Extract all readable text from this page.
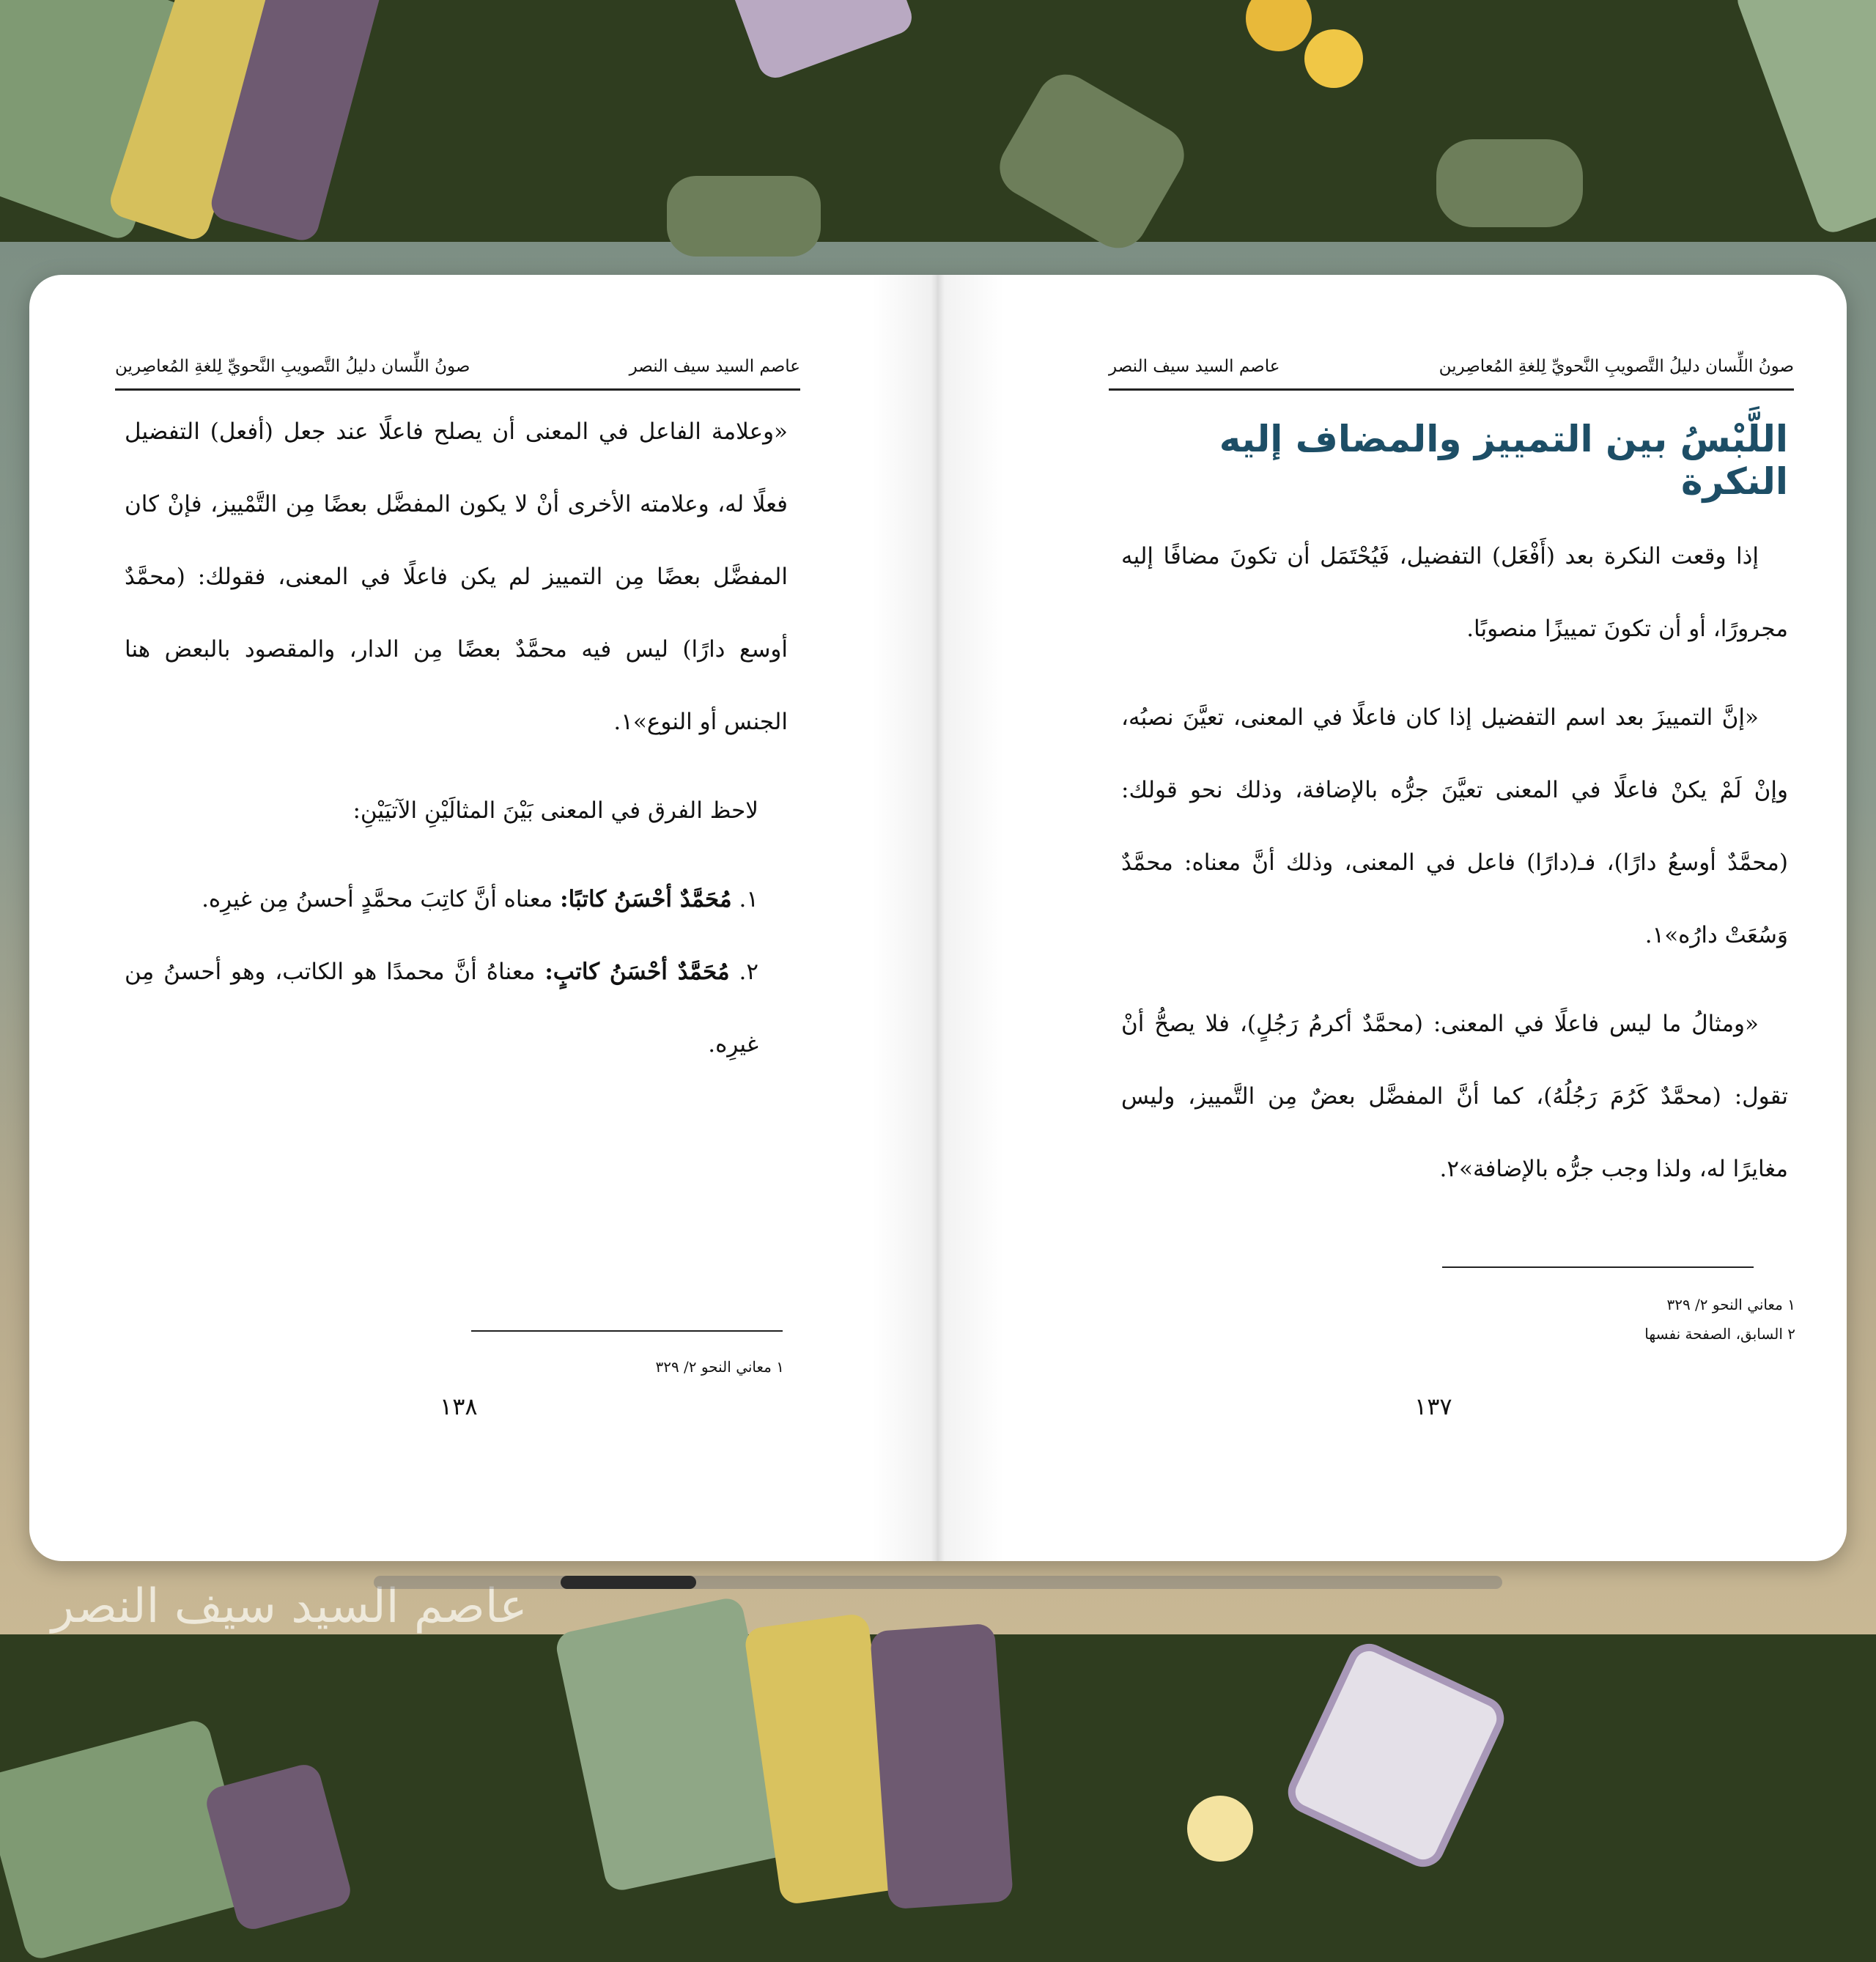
عاصم السيد سيف النصر
عاصم السيد سيف النصر
صونُ اللِّسان دليلُ التَّصويبِ النَّحويِّ لِلغةِ المُعاصِرين

«وعلامة الفاعل في المعنى أن يصلح فاعلًا عند جعل (أفعل) التفضيل فعلًا له، وعلامته الأخرى أنْ لا يكون المفضَّل بعضًا مِن التَّمْييز، فإنْ كان المفضَّل بعضًا مِن التمييز لم يكن فاعلًا في المعنى، فقولك: (محمَّدٌ أوسع دارًا) ليس فيه محمَّدٌ بعضًا مِن الدار، والمقصود بالبعض هنا الجنس أو النوع»١.

لاحظ الفرق في المعنى بَيْنَ المثالَيْنِ الآتيَيْنِ:

١. مُحَمَّدٌ أحْسَنُ كاتبًا: معناه أنَّ كاتِبَ محمَّدٍ أحسنُ مِن غيرِه.
٢. مُحَمَّدٌ أحْسَنُ كاتبٍ: معناهُ أنَّ محمدًا هو الكاتب، وهو أحسنُ مِن غيرِه.
١ معاني النحو ٢/ ٣٢٩
١٣٨
صونُ اللِّسان دليلُ التَّصويبِ النَّحويِّ لِلغةِ المُعاصِرين
عاصم السيد سيف النصر
اللَّبْسُ بين التمييز والمضاف إليه النكرة

إذا وقعت النكرة بعد (أَفْعَل) التفضيل، فَيُحْتَمَل أن تكونَ مضافًا إليه مجرورًا، أو أن تكونَ تمييزًا منصوبًا.

«إنَّ التمييزَ بعد اسم التفضيل إذا كان فاعلًا في المعنى، تعيَّنَ نصبُه، وإنْ لَمْ يكنْ فاعلًا في المعنى تعيَّنَ جرُّه بالإضافة، وذلك نحو قولك: (محمَّدٌ أوسعُ دارًا)، فـ(دارًا) فاعل في المعنى، وذلك أنَّ معناه: محمَّدٌ وَسُعَتْ دارُه»١.

«ومثالُ ما ليس فاعلًا في المعنى: (محمَّدٌ أكرمُ رَجُلٍ)، فلا يصحُّ أنْ تقول: (محمَّدٌ كَرُمَ رَجُلُهُ)، كما أنَّ المفضَّل بعضٌ مِن التَّمييز، وليس مغايرًا له، ولذا وجب جرُّه بالإضافة»٢.

١ معاني النحو ٢/ ٣٢٩
٢ السابق، الصفحة نفسها
١٣٧
